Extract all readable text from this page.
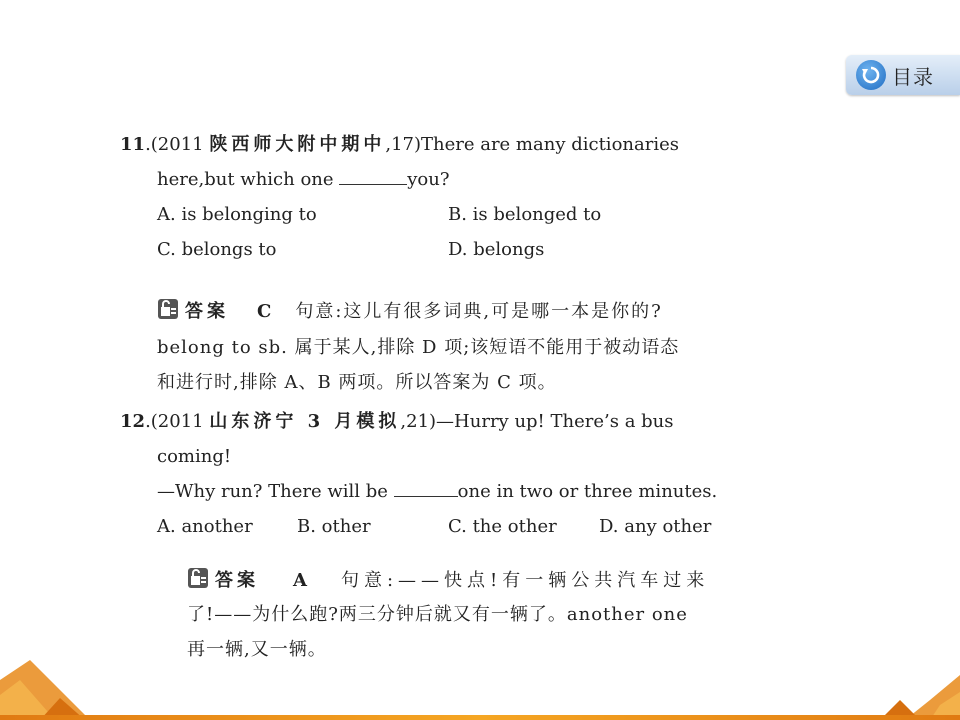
目录
11.(2011 陕西师大附中期中,17)There are many dictionaries
here,but which one	you?
A. is belonging to	B. is belonged to
C. belongs to	D. belongs
答案 C 句意:这儿有很多词典,可是哪一本是你的?
belong to sb. 属于某人,排除 D 项;该短语不能用于被动语态
和进行时,排除 A、B 两项。所以答案为 C 项。
12.(2011 山东济宁 3 月模拟,21)—Hurry up! There’s a bus
coming!
—Why run? There will be	one in two or three minutes.
A. another B. other	C. the other D. any other
答案 A 句意:——快点!有一辆公共汽车过来
了!——为什么跑?两三分钟后就又有一辆了。another one
再一辆,又一辆。
